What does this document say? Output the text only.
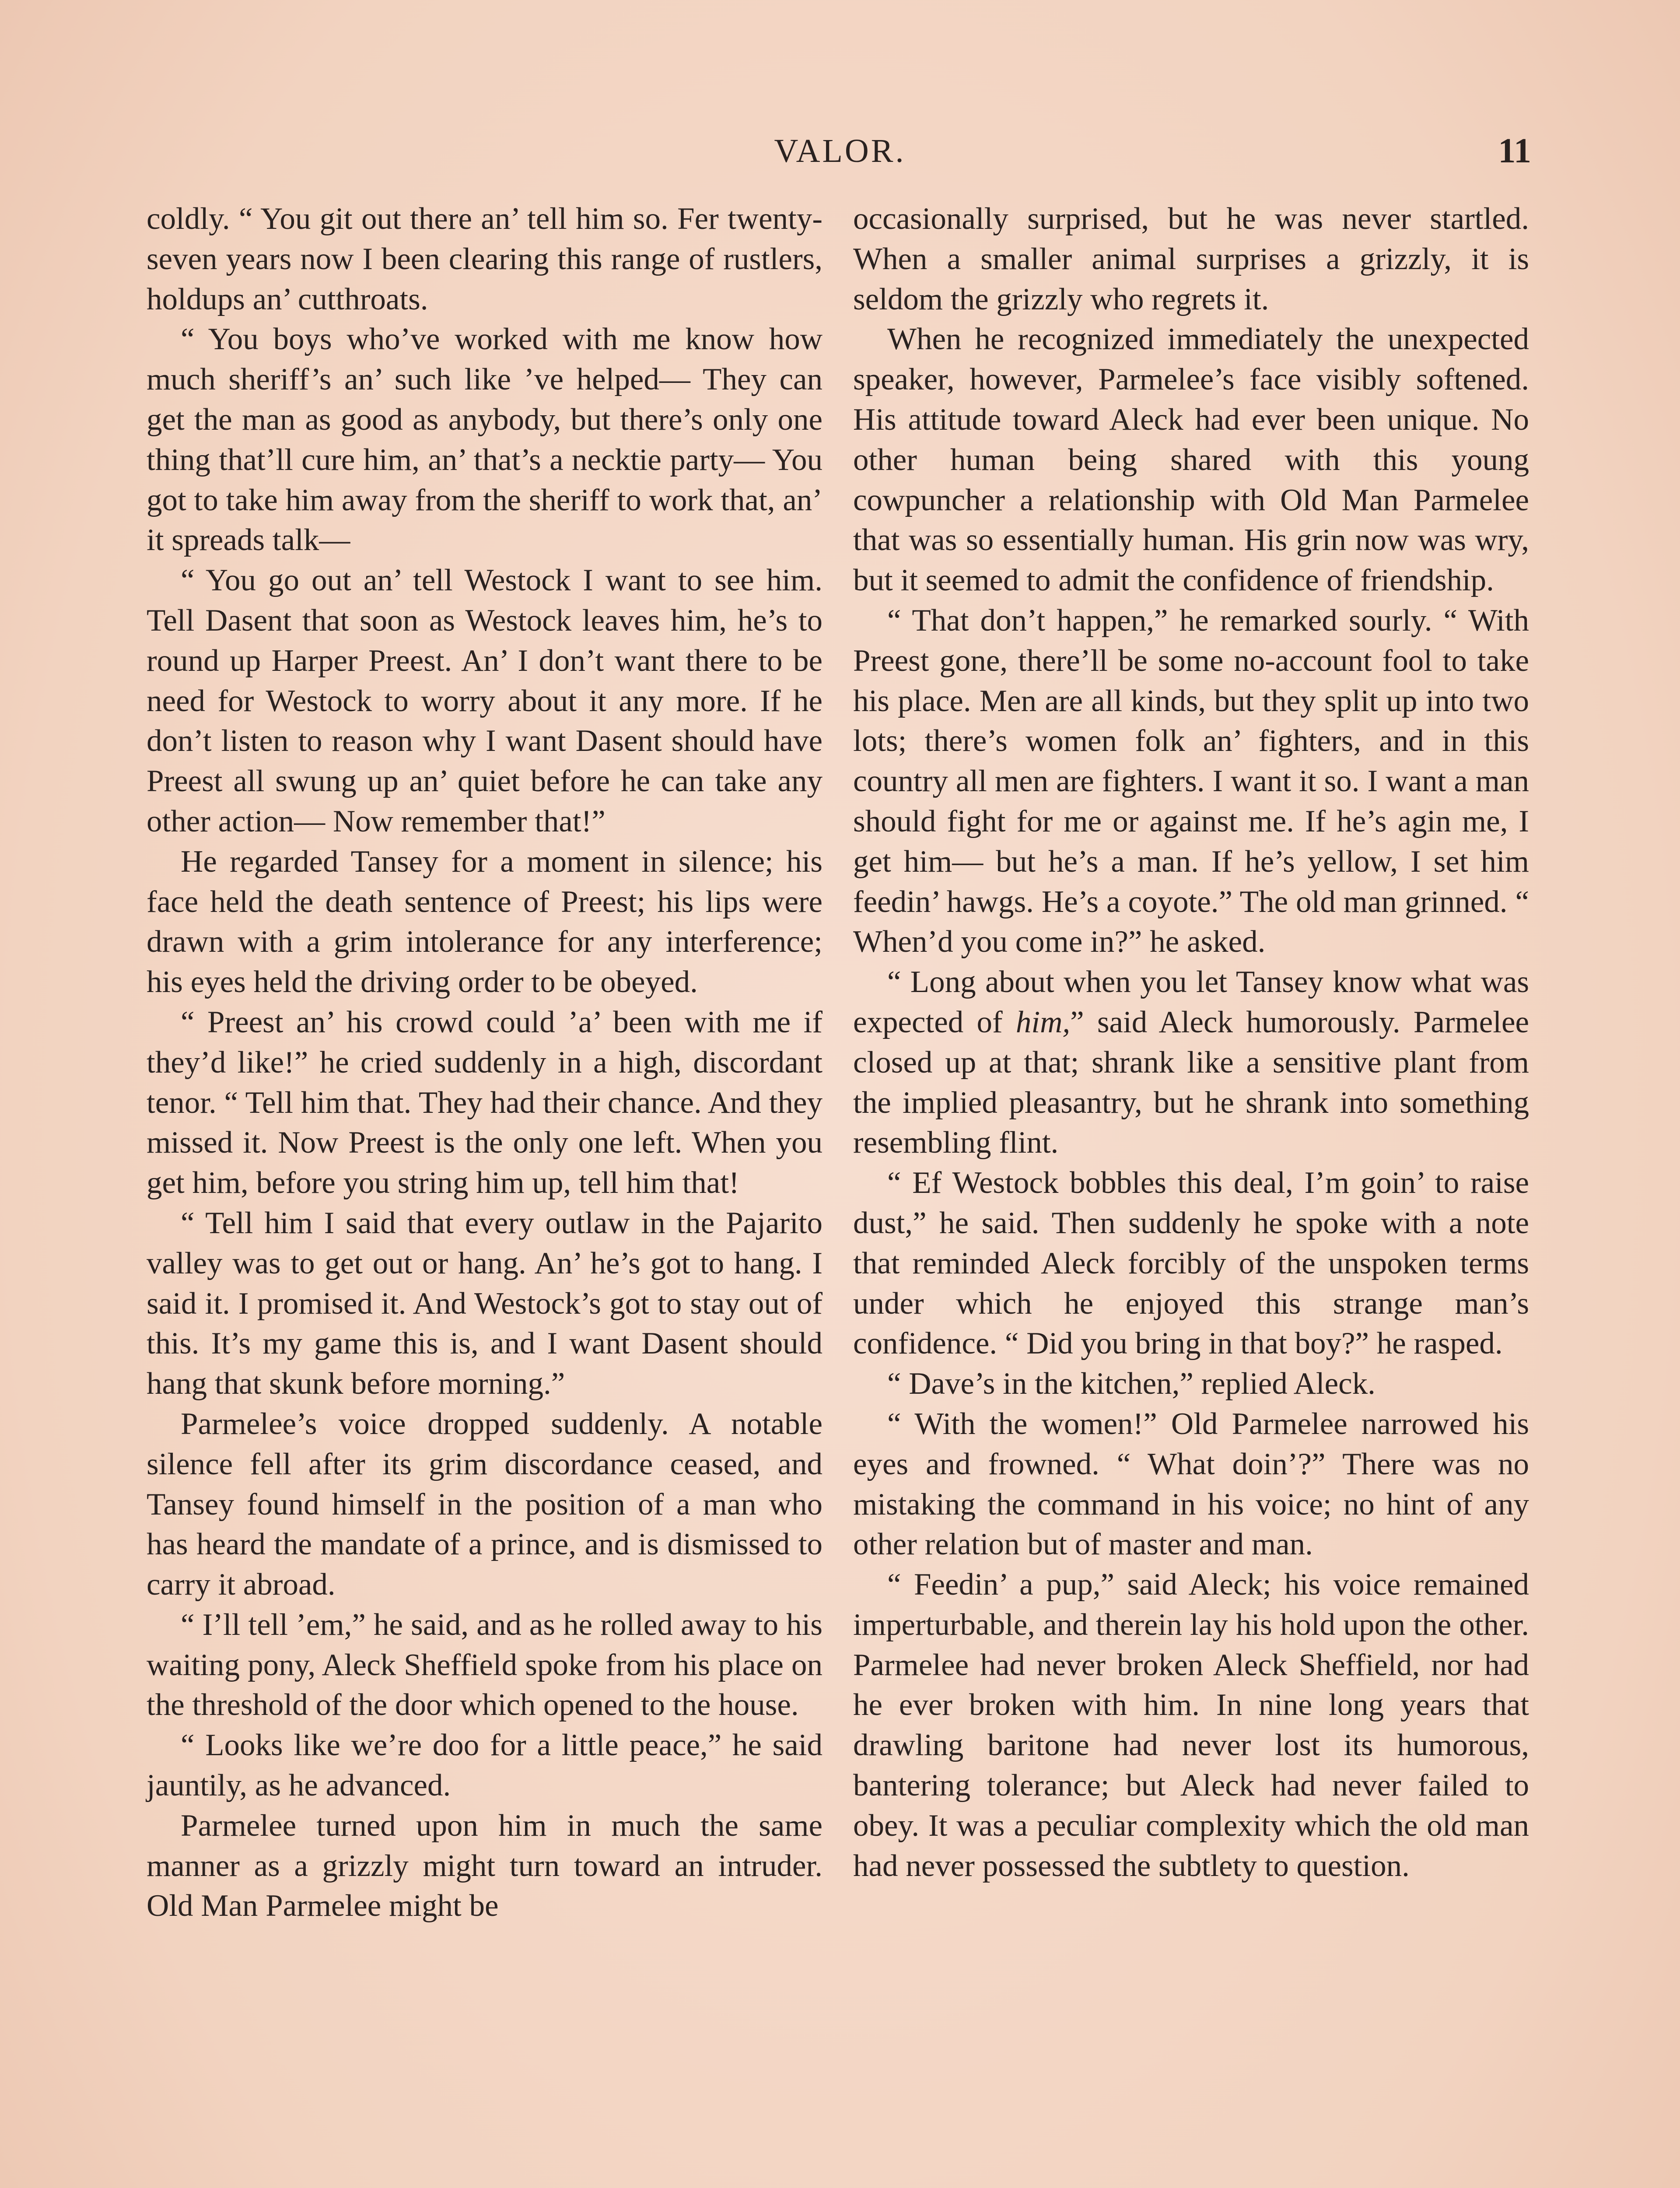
VALOR.	11

coldly. “ You git out there an’ tell him so. Fer twenty-seven years now I been clearing this range of rustlers, holdups an’ cutthroats.

“ You boys who’ve worked with me know how much sheriff’s an’ such like ’ve helped— They can get the man as good as anybody, but there’s only one thing that’ll cure him, an’ that’s a necktie party— You got to take him away from the sheriff to work that, an’ it spreads talk—

“ You go out an’ tell Westock I want to see him. Tell Dasent that soon as Westock leaves him, he’s to round up Harper Preest. An’ I don’t want there to be need for Westock to worry about it any more. If he don’t listen to reason why I want Dasent should have Preest all swung up an’ quiet before he can take any other action— Now remember that!”

He regarded Tansey for a moment in silence; his face held the death sentence of Preest; his lips were drawn with a grim intolerance for any interference; his eyes held the driving order to be obeyed.

“ Preest an’ his crowd could ’a’ been with me if they’d like!” he cried suddenly in a high, discordant tenor. “ Tell him that. They had their chance. And they missed it. Now Preest is the only one left. When you get him, before you string him up, tell him that!

“ Tell him I said that every outlaw in the Pajarito valley was to get out or hang. An’ he’s got to hang. I said it. I promised it. And Westock’s got to stay out of this. It’s my game this is, and I want Dasent should hang that skunk before morning.”

Parmelee’s voice dropped suddenly. A notable silence fell after its grim discordance ceased, and Tansey found himself in the position of a man who has heard the mandate of a prince, and is dismissed to carry it abroad.

“ I’ll tell ’em,” he said, and as he rolled away to his waiting pony, Aleck Sheffield spoke from his place on the threshold of the door which opened to the house.

“ Looks like we’re doo for a little peace,” he said jauntily, as he advanced.

Parmelee turned upon him in much the same manner as a grizzly might turn toward an intruder. Old Man Parmelee might be

occasionally surprised, but he was never startled. When a smaller animal surprises a grizzly, it is seldom the grizzly who regrets it.

When he recognized immediately the unexpected speaker, however, Parmelee’s face visibly softened. His attitude toward Aleck had ever been unique. No other human being shared with this young cowpuncher a relationship with Old Man Parmelee that was so essentially human. His grin now was wry, but it seemed to admit the confidence of friendship.

“ That don’t happen,” he remarked sourly. “ With Preest gone, there’ll be some no-account fool to take his place. Men are all kinds, but they split up into two lots; there’s women folk an’ fighters, and in this country all men are fighters. I want it so. I want a man should fight for me or against me. If he’s agin me, I get him— but he’s a man. If he’s yellow, I set him feedin’ hawgs. He’s a coyote.” The old man grinned. “ When’d you come in?” he asked.

“ Long about when you let Tansey know what was expected of him,” said Aleck humorously. Parmelee closed up at that; shrank like a sensitive plant from the implied pleasantry, but he shrank into something resembling flint.

“ Ef Westock bobbles this deal, I’m goin’ to raise dust,” he said. Then suddenly he spoke with a note that reminded Aleck forcibly of the unspoken terms under which he enjoyed this strange man’s confidence. “ Did you bring in that boy?” he rasped.

“ Dave’s in the kitchen,” replied Aleck.

“ With the women!” Old Parmelee narrowed his eyes and frowned. “ What doin’?” There was no mistaking the command in his voice; no hint of any other relation but of master and man.

“ Feedin’ a pup,” said Aleck; his voice remained imperturbable, and therein lay his hold upon the other. Parmelee had never broken Aleck Sheffield, nor had he ever broken with him. In nine long years that drawling baritone had never lost its humorous, bantering tolerance; but Aleck had never failed to obey. It was a peculiar complexity which the old man had never possessed the subtlety to question.
